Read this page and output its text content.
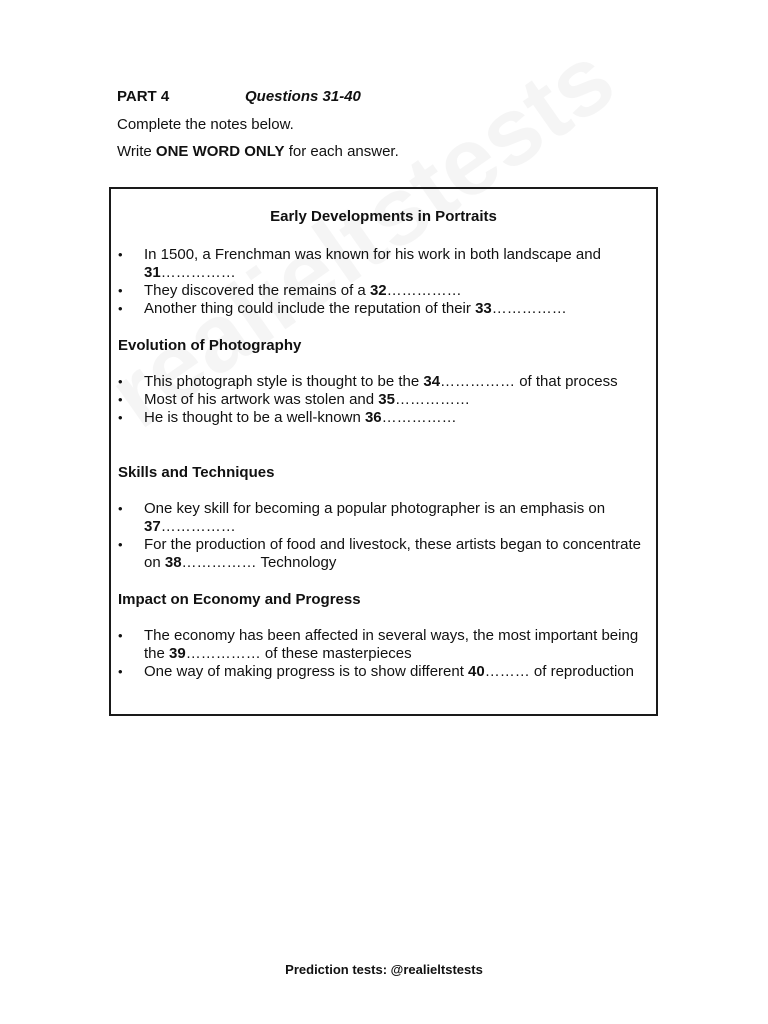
PART 4	Questions 31-40
Complete the notes below.
Write ONE WORD ONLY for each answer.
Early Developments in Portraits
• In 1500, a Frenchman was known for his work in both landscape and 31……………
• They discovered the remains of a 32……………
• Another thing could include the reputation of their 33……………
Evolution of Photography
• This photograph style is thought to be the 34…………… of that process
• Most of his artwork was stolen and 35……………
• He is thought to be a well-known 36……………
Skills and Techniques
• One key skill for becoming a popular photographer is an emphasis on 37……………
• For the production of food and livestock, these artists began to concentrate on 38…………… Technology
Impact on Economy and Progress
• The economy has been affected in several ways, the most important being the 39…………… of these masterpieces
• One way of making progress is to show different 40……… of reproduction
Prediction tests: @realieltstests
